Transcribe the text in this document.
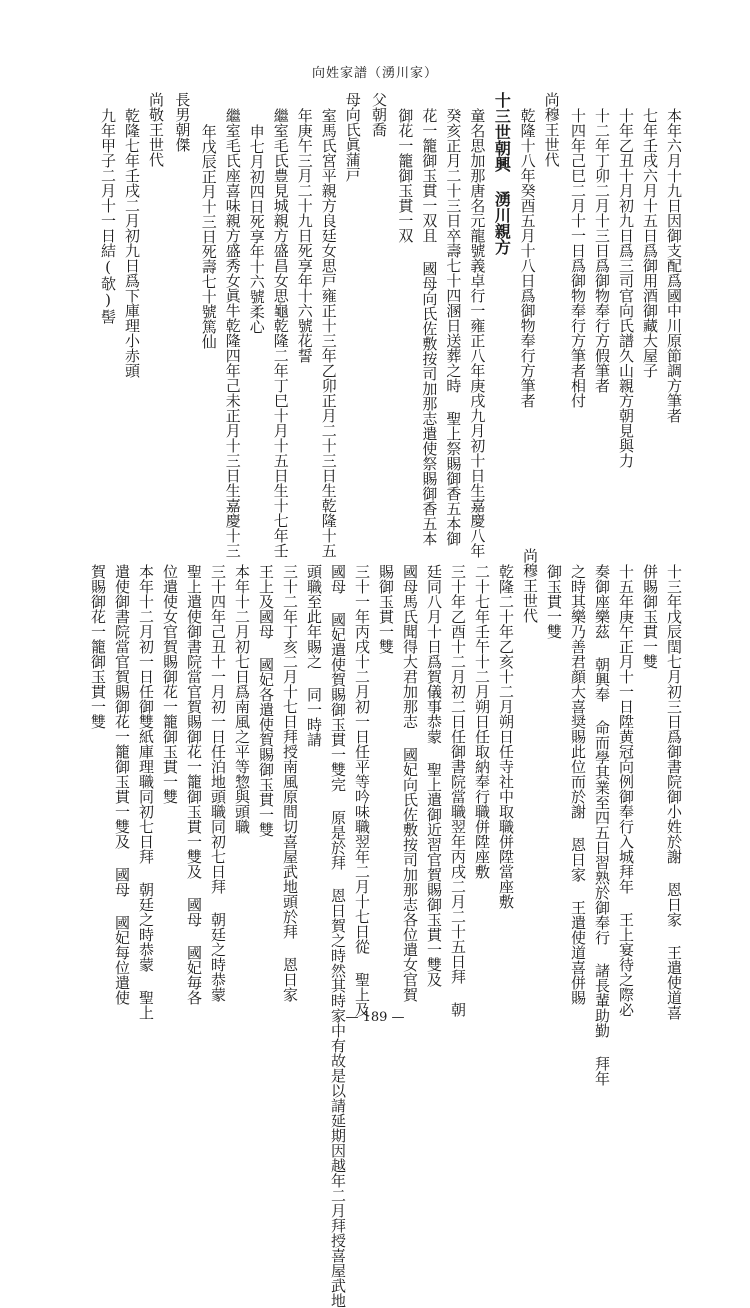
向姓家譜（湧川家）
本年六月十九日因御支配爲國中川原節調方筆者
七年壬戌六月十五日爲御用酒御藏大屋子
十年乙丑十月初九日爲三司官向氏譜久山親方朝見與力
十二年丁卯二月十三日爲御物奉行方假筆者
十四年己巳二月十一日爲御物奉行方筆者相付
尚穆王世代
乾隆十八年癸酉五月十八日爲御物奉行方筆者
十三世朝興 湧川親方
童名思加那唐名元龍號義卓行一雍正八年庚戌九月初十日生嘉慶八年
癸亥正月二十三日卒壽七十四溷日送葬之時 聖上祭賜御香五本御
花一籠御玉貫一双且 國母向氏佐敷按司加那志遣使祭賜御香五本
御花一籠御玉貫一双
父朝喬
母向氏眞蒲戸
室馬氏宮平親方良廷女思戸雍正十三年乙卯正月二十三日生乾隆十五
年庚午三月二十九日死享年十六號花誓
繼室毛氏豊見城親方盛昌女思龜乾隆二年丁巳十月十五日生十七年壬
申七月初四日死享年十六號柔心
繼室毛氏座喜味親方盛秀女眞牛乾隆四年己未正月十三日生嘉慶十三
年戊辰正月十三日死壽七十號篤仙
長男朝傑
尚敬王世代
乾隆七年壬戌二月初九日爲下庫理小赤頭
九年甲子二月十一日結(欹)髻
十三年戊辰閏七月初三日爲御書院御小姓於謝 恩日家 王遣使道喜
併賜御玉貫一雙
十五年庚午正月十一日陞黄冠向例御奉行入城拜年 王上宴待之際必
奏御座樂茲 朝興奉 命而學其業至四五日習熟於御奉行 諸長輩助勤 拜年
之時其樂乃善君顔大喜奨賜此位而於謝 恩日家 王遣使道喜併賜
御玉貫一雙
尚穆王世代
乾隆二十年乙亥十二月朔日任寺社中取職併陞當座敷
二十七年壬午十二月朔日任取納奉行職併陞座敷
三十年乙酉十二月初二日任御書院當職翌年丙戌二月二十五日拜 朝
廷同八月十日爲賀儀事恭蒙 聖上遣御近習官賀賜御玉貫一雙及
國母馬氏聞得大君加那志 國妃向氏佐敷按司加那志各位遣女官賀
賜御玉貫一雙
三十一年丙戌十二月初一日任平等吟味職翌年二月十七日從 聖上及
國母 國妃遣使賀賜御玉貫一雙完 原是於拜 恩日賀之時然其時家中有故是以請延期因越年二月拜授喜屋武地
頭職至此年賜之 同一時請
三十二年丁亥二月十七日拜授南風原間切喜屋武地頭於拜 恩日家
王上及國母 國妃各遣使賀賜御玉貫一雙
本年十二月初七日爲南風之平等惣與頭職
三十四年己丑十一月初一日任泊地頭職同初七日拜 朝廷之時恭蒙
聖上遣使御書院當官賀賜御花一籠御玉貫一雙及 國母 國妃毎各
位遣使女官賀賜御花一籠御玉貫一雙
本年十二月初一日任御雙紙庫理職同初七日拜 朝廷之時恭蒙 聖上
遣使御書院當官賀賜御花一籠御玉貫一雙及 國母 國妃每位遣使
賀賜御花一籠御玉貫一雙
— 189 —
